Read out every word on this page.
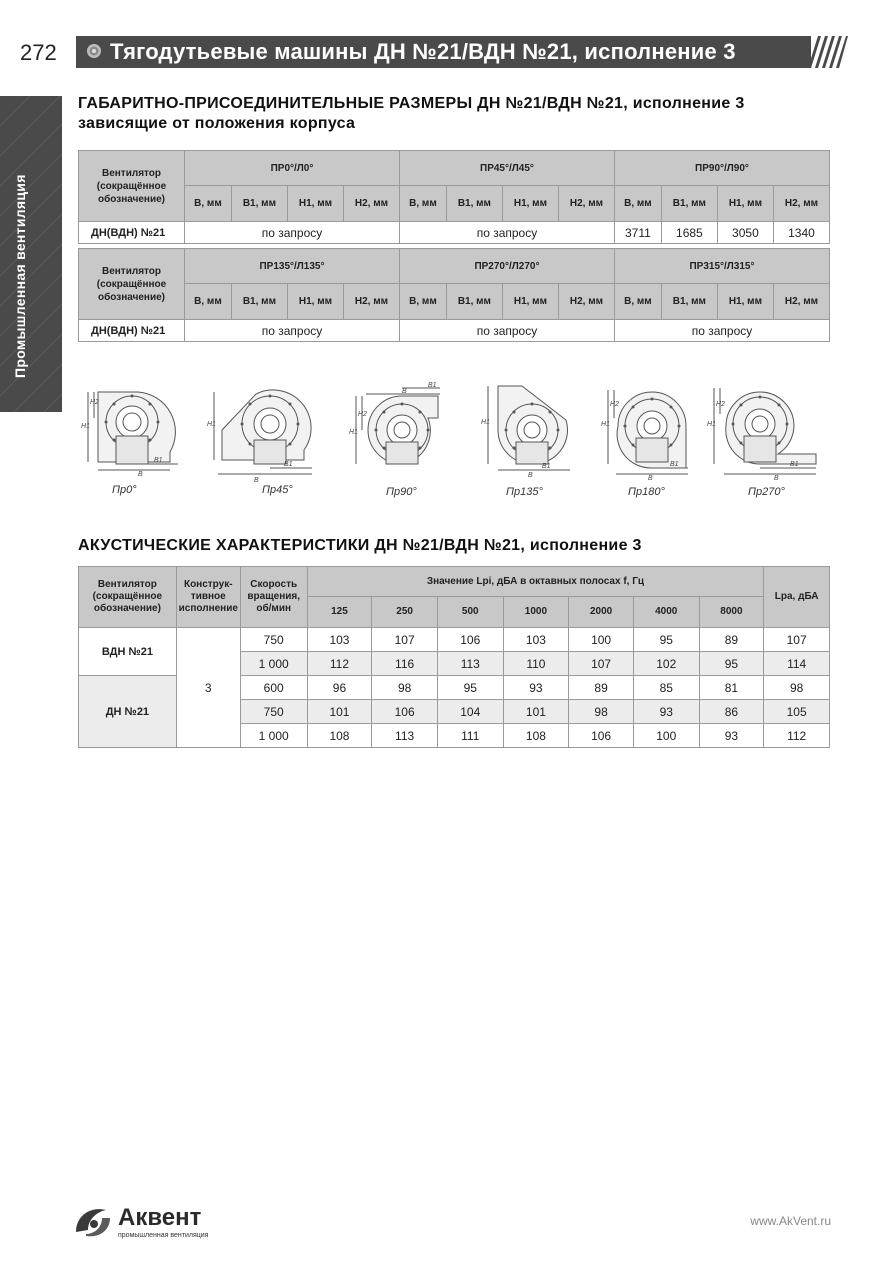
272 Тягодутьевые машины ДН №21/ВДН №21, исполнение 3
Промышленная вентиляция
ГАБАРИТНО-ПРИСОЕДИНИТЕЛЬНЫЕ РАЗМЕРЫ ДН №21/ВДН №21, исполнение 3
зависящие от положения корпуса
Вентилятор
(сокращённое
обозначение)	ПР0°/Л0°				ПР45°/Л45°				ПР90°/Л90°			
	В, мм	В1, мм	Н1, мм	Н2, мм	В, мм	В1, мм	Н1, мм	Н2, мм	В, мм	В1, мм	Н1, мм	Н2, мм
ДН(ВДН) №21	по запросу				по запросу				3711	1685	3050	1340
Вентилятор
(сокращённое
обозначение)	ПР135°/Л135°				ПР270°/Л270°				ПР315°/Л315°			
	В, мм	В1, мм	Н1, мм	Н2, мм	В, мм	В1, мм	Н1, мм	Н2, мм	В, мм	В1, мм	Н1, мм	Н2, мм
ДН(ВДН) №21	по запросу				по запросу				по запросу			
Н1
Н2
В
В1
Пр0°
Н1
В
В1
Пр45°
В1
В
Н1
Н2
Пр90°
Н1
В
В1
Пр135°
Н1
Н2
В
В1
Пр180°
Н1
Н2
В
В1
Пр270°
АКУСТИЧЕСКИЕ ХАРАКТЕРИСТИКИ ДН №21/ВДН №21, исполнение 3
Вентилятор
(сокращённое
обозначение)	Конструк-
тивное
исполнение	Скорость
вращения,
об/мин	Значение Lpi, дБА в октавных полосах f, Гц							Lpa, дБА
			125	250	500	1000	2000	4000	8000	
ВДН №21	3	750	103	107	106	103	100	95	89	107
		1 000	112	116	113	110	107	102	95	114
ДН №21		600	96	98	95	93	89	85	81	98
		750	101	106	104	101	98	93	86	105
		1 000	108	113	111	108	106	100	93	112
Аквент
промышленная вентиляция
www.AkVent.ru
